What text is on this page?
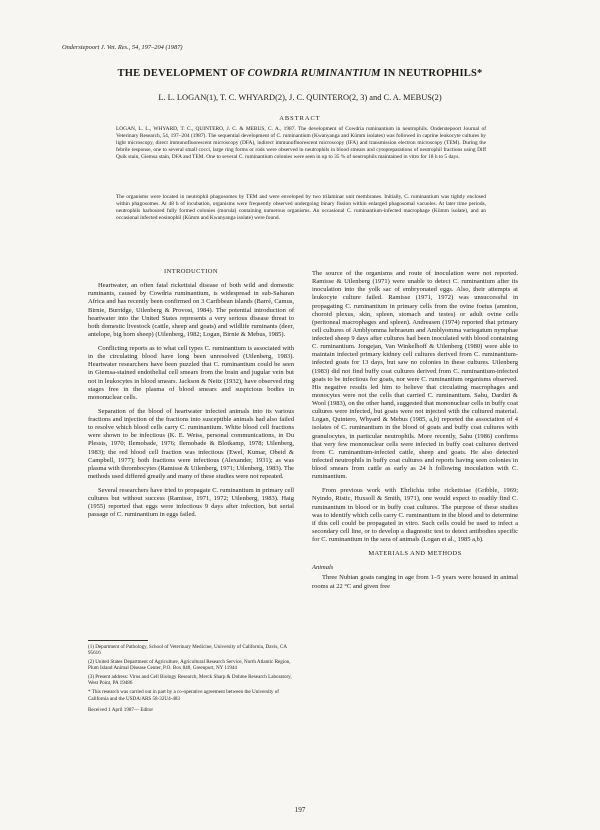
Onderstepoort J. Vet. Res., 54, 197–204 (1987)
THE DEVELOPMENT OF COWDRIA RUMINANTIUM IN NEUTROPHILS*
L. L. LOGAN(1), T. C. WHYARD(2), J. C. QUINTERO(2, 3) and C. A. MEBUS(2)
ABSTRACT
LOGAN, L. L., WHYARD, T. C., QUINTERO, J. C. & MEBUS, C. A., 1987. The development of Cowdria ruminantium in neutrophils. Onderstepoort Journal of Veterinary Research, 54, 197–204 (1987). The sequential development of C. ruminantium (Kwanyanga and Kümm isolates) was followed in caprine leukocyte cultures by light microscopy, direct immunofluorescent microscopy (DFA), indirect immunofluorescent microscopy (IFA) and transmission electron microscopy (TEM). During the febrile response, one to several small cocci, large ring forms or rods were observed in neutrophils in blood smears and cytopreparations of neutrophil fractions using Diff Quik stain, Giemsa stain, DFA and TEM. One to several C. ruminantium colonies were seen in up to 35 % of neutrophils maintained in vitro for 18 h to 5 days.
The organisms were located in neutrophil phagosomes by TEM and were enveloped by two trilaminar unit membranes. Initially, C. ruminantium was tightly enclosed within phagosomes. At 48 h of incubation, organisms were frequently observed undergoing binary fission within enlarged phagosomal vacuoles. At later time periods, neutrophils harboured fully formed colonies (morula) containing numerous organisms. An occasional C. ruminantium-infected macrophage (Kümm isolate), and an occasional infected eosinophil (Kümm and Kwanyanga isolate) were found.

INTRODUCTION

Heartwater, an often fatal rickettsial disease of both wild and domestic ruminants, caused by Cowdria ruminantium, is widespread in sub-Saharan Africa and has recently been confirmed on 3 Caribbean islands (Barré, Camus, Birnie, Burridge, Uilenberg & Provost, 1984). The potential introduction of heartwater into the United States represents a very serious disease threat to both domestic livestock (cattle, sheep and goats) and wildlife ruminants (deer, antelope, big horn sheep) (Uilenberg, 1982; Logan, Birnie & Mebus, 1985).

Conflicting reports as to what cell types C. ruminantium is associated with in the circulating blood have long been unresolved (Uilenberg, 1983). Heartwater researchers have been puzzled that C. ruminantium could be seen in Giemsa-stained endothelial cell smears from the brain and jugular vein but not in leukocytes in blood smears. Jackson & Neitz (1932), have observed ring stages free in the plasma of blood smears and suspicious bodies in mononuclear cells.

Separation of the blood of heartwater infected animals into its various fractions and injection of the fractions into susceptible animals had also failed to resolve which blood cells carry C. ruminantium. White blood cell fractions were shown to be infectious (K. E. Weiss, personal communications, in Du Plessis, 1970; Ilemobade, 1976; Ilemobade & Blotkamp, 1978; Uilenberg, 1983); the red blood cell fraction was infectious (Ewel, Kumar, Obeid & Campbell, 1977); both fractions were infectious (Alexander, 1931); as was plasma with thrombocytes (Ramisse & Uilenberg, 1971; Uilenberg, 1983). The methods used differed greatly and many of these studies were not repeated.

Several researchers have tried to propagate C. ruminantium in primary cell cultures but without success (Ramisse, 1971, 1972; Uilenberg, 1983). Haig (1955) reported that eggs were infectious 9 days after infection, but serial passage of C. ruminantium in eggs failed.

(1) Department of Pathology, School of Veterinary Medicine, University of California, Davis, CA 95616

(2) United States Department of Agriculture, Agricultural Research Service, North Atlantic Region, Plum Island Animal Disease Center, P.O. Box 848, Greenport, NY 11944

(3) Present address: Virus and Cell Biology Research, Merck Sharp & Dohme Research Laboratory, West Point, PA 19486

* This research was carried out in part by a co-operative agreement between the University of California and the USDA/ARS 58-32U4-483

Received 1 April 1987— Editor

The source of the organisms and route of inoculation were not reported. Ramisse & Uilenberg (1971) were unable to detect C. ruminantium after its inoculation into the yolk sac of embryonated eggs. Also, their attempts at leukocyte culture failed. Ramisse (1971, 1972) was unsuccessful in propagating C. ruminantium in primary cells from the ovine foetus (amnion, choroid plexus, skin, spleen, stomach and testes) or adult ovine cells (peritoneal macrophages and spleen). Andreasen (1974) reported that primary cell cultures of Amblyomma hebraeum and Amblyomma variegatum nymphae infected sheep 9 days after cultures had been inoculated with blood containing C. ruminantium. Jongejan, Van Winkelhoff & Uilenberg (1980) were able to maintain infected primary kidney cell cultures derived from C. ruminantium-infected goats for 13 days, but saw no colonies in these cultures. Uilenberg (1983) did not find buffy coat cultures derived from C. ruminantium-infected goats to be infectious for goats, nor were C. ruminantium organisms observed. His negative results led him to believe that circulating macrophages and monocytes were not the cells that carried C. ruminantium. Sahu, Dardiri & Wool (1983), on the other hand, suggested that mononuclear cells in buffy coat cultures were infected, but goats were not injected with the cultured material. Logan, Quintero, Whyard & Mebus (1985, a,b) reported the association of 4 isolates of C. ruminantium in the blood of goats and buffy coat cultures with granulocytes, in particular neutrophils. More recently, Sahu (1986) confirms that very few mononuclear cells were infected in buffy coat cultures derived from C. ruminantium-infected cattle, sheep and goats. He also detected infected neutrophils in buffy coat cultures and reports having seen colonies in blood smears from cattle as early as 24 h following inoculation with C. ruminantium.

From previous work with Ehrlichia tribe rickettsiae (Gribble, 1969; Nyindo, Ristic, Huxsoll & Smith, 1971), one would expect to readily find C. ruminantium in blood or in buffy coat cultures. The purpose of these studies was to identify which cells carry C. ruminantium in the blood and to determine if this cell could be propagated in vitro. Such cells could be used to infect a secondary cell line, or to develop a diagnostic test to detect antibodies specific for C. ruminantium in the sera of animals (Logan et al., 1985 a,b).

MATERIALS AND METHODS

Animals

Three Nubian goats ranging in age from 1–5 years were housed in animal rooms at 22 °C and given free

197
